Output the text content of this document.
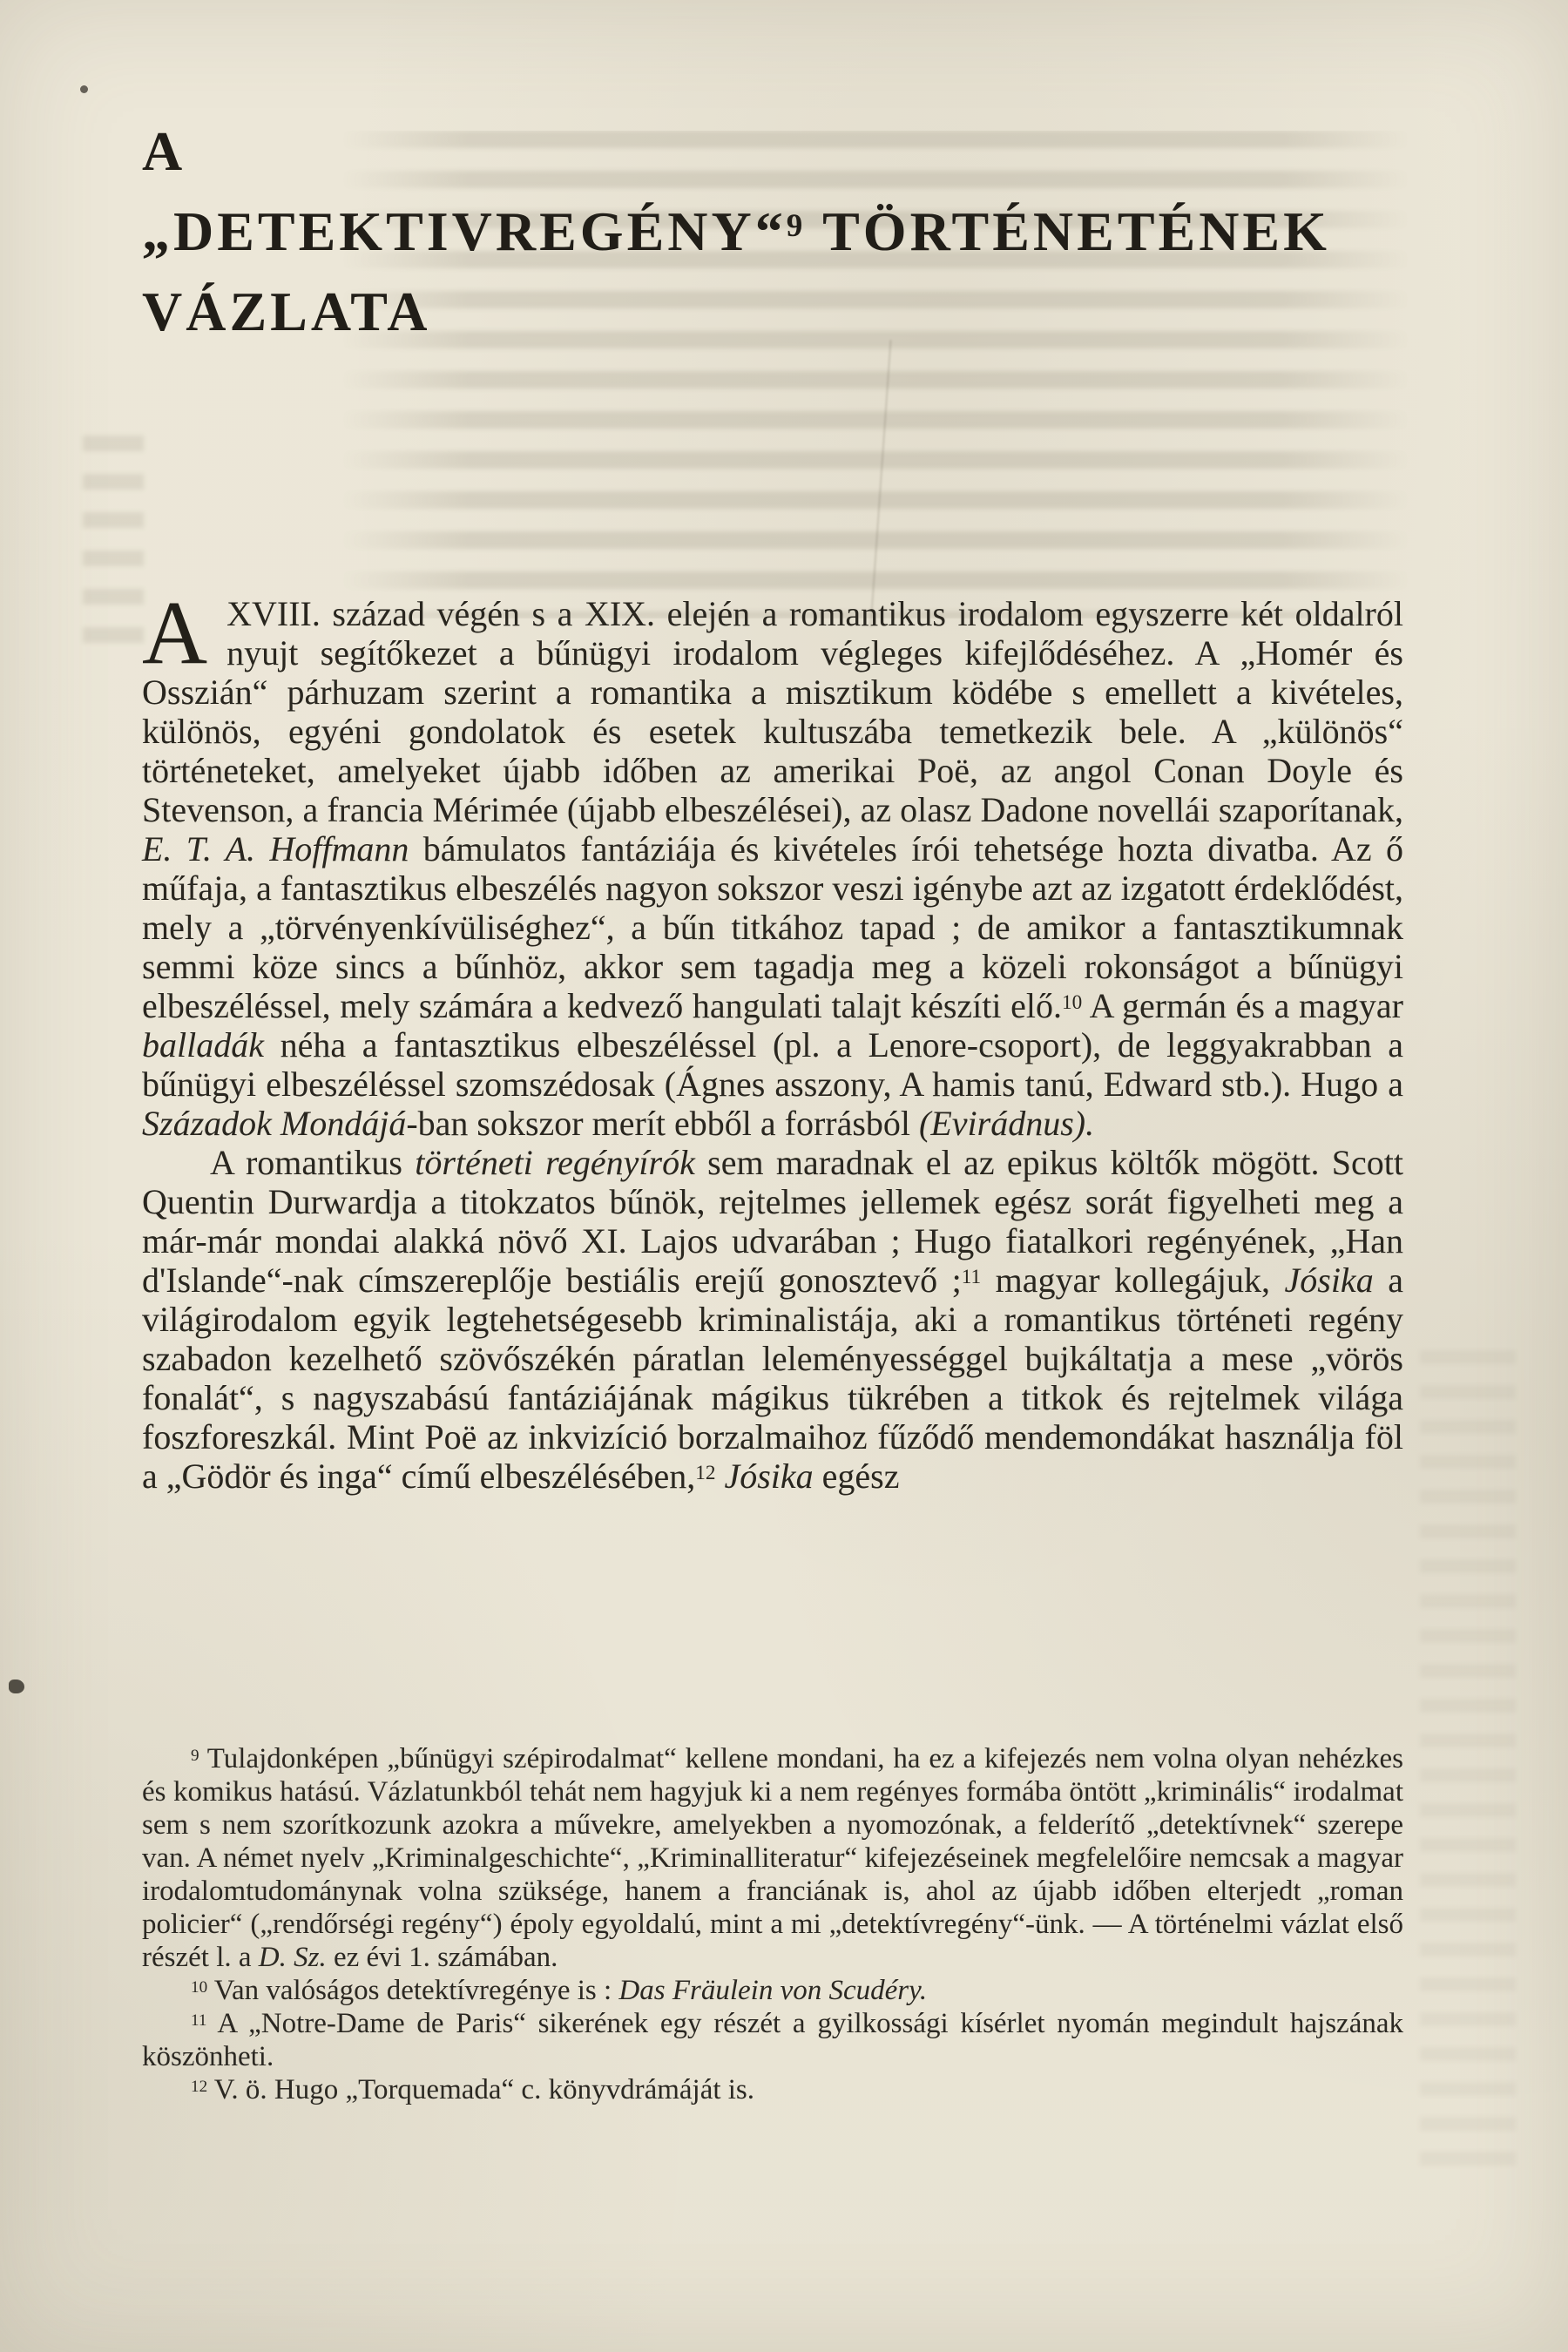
A
„DETEKTIVREGÉNY“$^9$ TÖRTÉNETÉNEK
VÁZLATA

AXVIII. század végén s a XIX. elején a romantikus irodalom egyszerre két oldalról nyujt segítőkezet a bűnügyi irodalom végleges kifejlődéséhez. A „Homér és Osszián“ párhuzam szerint a romantika a misztikum ködébe s emellett a kivételes, különös, egyéni gondolatok és esetek kultuszába temetkezik bele. A „különös“ történeteket, amelyeket újabb időben az amerikai Poë, az angol Conan Doyle és Stevenson, a francia Mérimée (újabb elbeszélései), az olasz Dadone novellái szaporítanak, E. T. A. Hoffmann bámulatos fantáziája és kivételes írói tehetsége hozta divatba. Az ő műfaja, a fantasztikus elbeszélés nagyon sokszor veszi igénybe azt az izgatott érdeklődést, mely a „törvényenkívüliséghez“, a bűn titkához tapad ; de amikor a fantasztikumnak semmi köze sincs a bűnhöz, akkor sem tagadja meg a közeli rokonságot a bűnügyi elbeszéléssel, mely számára a kedvező hangulati talajt készíti elő.$^{10}$ A germán és a magyar balladák néha a fantasztikus elbeszéléssel (pl. a Lenore-csoport), de leggyakrabban a bűnügyi elbeszéléssel szomszédosak (Ágnes asszony, A hamis tanú, Edward stb.). Hugo a Századok Mondájá-ban sokszor merít ebből a forrásból (Evirádnus).

A romantikus történeti regényírók sem maradnak el az epikus költők mögött. Scott Quentin Durwardja a titokzatos bűnök, rejtelmes jellemek egész sorát figyelheti meg a már-már mondai alakká növő XI. Lajos udvarában ; Hugo fiatalkori regényének, „Han d'Islande“-nak címszereplője bestiális erejű gonosztevő ;$^{11}$ magyar kollegájuk, Jósika a világirodalom egyik legtehetségesebb kriminalistája, aki a romantikus történeti regény szabadon kezelhető szövőszékén páratlan leleményességgel bujkáltatja a mese „vörös fonalát“, s nagyszabású fantáziájának mágikus tükrében a titkok és rejtelmek világa foszforeszkál. Mint Poë az inkvizíció borzalmaihoz fűződő mendemondákat használja föl a „Gödör és inga“ című elbeszélésében,$^{12}$ Jósika egész

$^9$ Tulajdonképen „bűnügyi szépirodalmat“ kellene mondani, ha ez a kifejezés nem volna olyan nehézkes és komikus hatású. Vázlatunkból tehát nem hagyjuk ki a nem regényes formába öntött „kriminális“ irodalmat sem s nem szorítkozunk azokra a művekre, amelyekben a nyomozónak, a felderítő „detektívnek“ szerepe van. A német nyelv „Kriminalgeschichte“, „Kriminalliteratur“ kifejezéseinek megfelelőire nemcsak a magyar irodalomtudománynak volna szüksége, hanem a franciának is, ahol az újabb időben elterjedt „roman policier“ („rendőrségi regény“) époly egyoldalú, mint a mi „detektívregény“-ünk. — A történelmi vázlat első részét l. a D. Sz. ez évi 1. számában.

$^{10}$ Van valóságos detektívregénye is : Das Fräulein von Scudéry.

$^{11}$ A „Notre-Dame de Paris“ sikerének egy részét a gyilkossági kísérlet nyomán megindult hajszának köszönheti.

$^{12}$ V. ö. Hugo „Torquemada“ c. könyvdrámáját is.
